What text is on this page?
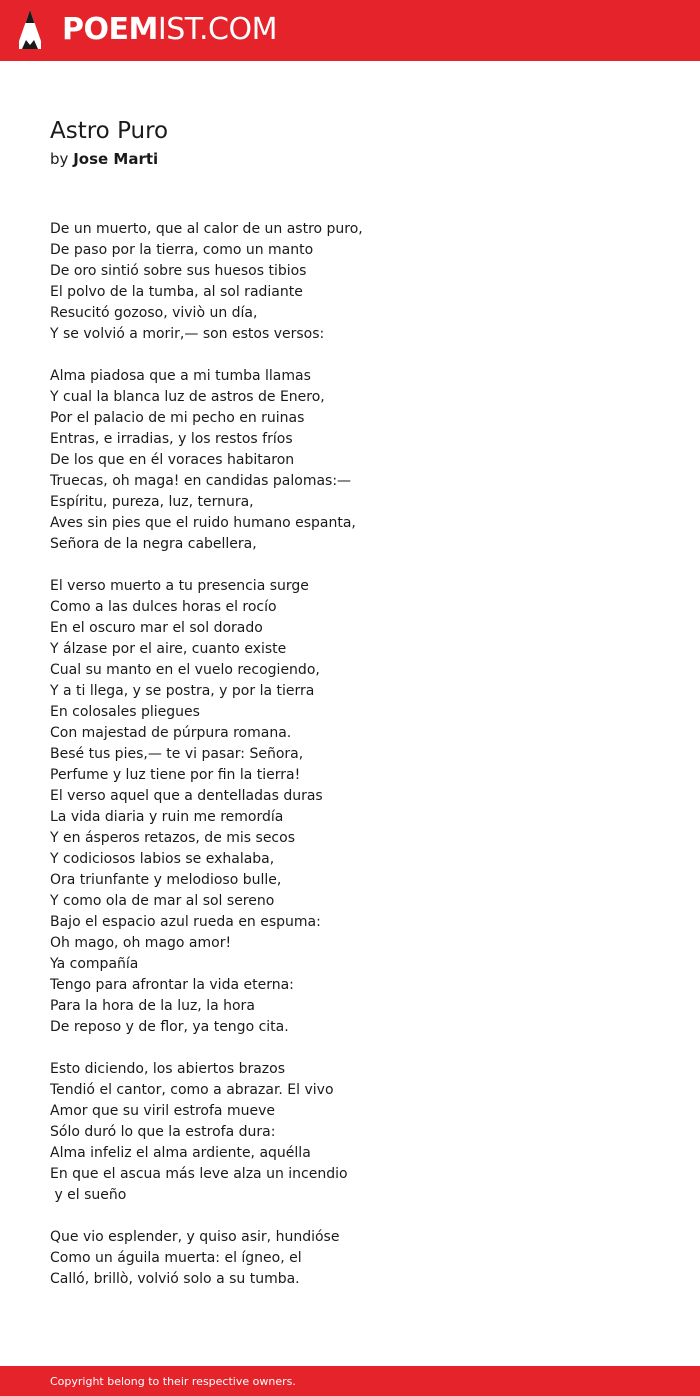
POEMIST.COM
Astro Puro
by Jose Marti
De un muerto, que al calor de un astro puro,
De paso por la tierra, como un manto
De oro sintió sobre sus huesos tibios
El polvo de la tumba, al sol radiante
Resucitó gozoso, viviò un día,
Y se volvió a morir,— son estos versos:
Alma piadosa que a mi tumba llamas
Y cual la blanca luz de astros de Enero,
Por el palacio de mi pecho en ruinas
Entras, e irradias, y los restos fríos
De los que en él voraces habitaron
Truecas, oh maga! en candidas palomas:—
Espíritu, pureza, luz, ternura,
Aves sin pies que el ruido humano espanta,
Señora de la negra cabellera,
El verso muerto a tu presencia surge
Como a las dulces horas el rocío
En el oscuro mar el sol dorado
Y álzase por el aire, cuanto existe
Cual su manto en el vuelo recogiendo,
Y a ti llega, y se postra, y por la tierra
En colosales pliegues
Con majestad de púrpura romana.
Besé tus pies,— te vi pasar: Señora,
Perfume y luz tiene por fin la tierra!
El verso aquel que a dentelladas duras
La vida diaria y ruin me remordía
Y en ásperos retazos, de mis secos
Y codiciosos labios se exhalaba,
Ora triunfante y melodioso bulle,
Y como ola de mar al sol sereno
Bajo el espacio azul rueda en espuma:
Oh mago, oh mago amor!
Ya compañía
Tengo para afrontar la vida eterna:
Para la hora de la luz, la hora
De reposo y de flor, ya tengo cita.
Esto diciendo, los abiertos brazos
Tendió el cantor, como a abrazar. El vivo
Amor que su viril estrofa mueve
Sólo duró lo que la estrofa dura:
Alma infeliz el alma ardiente, aquélla
En que el ascua más leve alza un incendio
y el sueño
Que vio esplender, y quiso asir, hundióse
Como un águila muerta: el ígneo, el
Calló, brillò, volvió solo a su tumba.
Copyright belong to their respective owners.
